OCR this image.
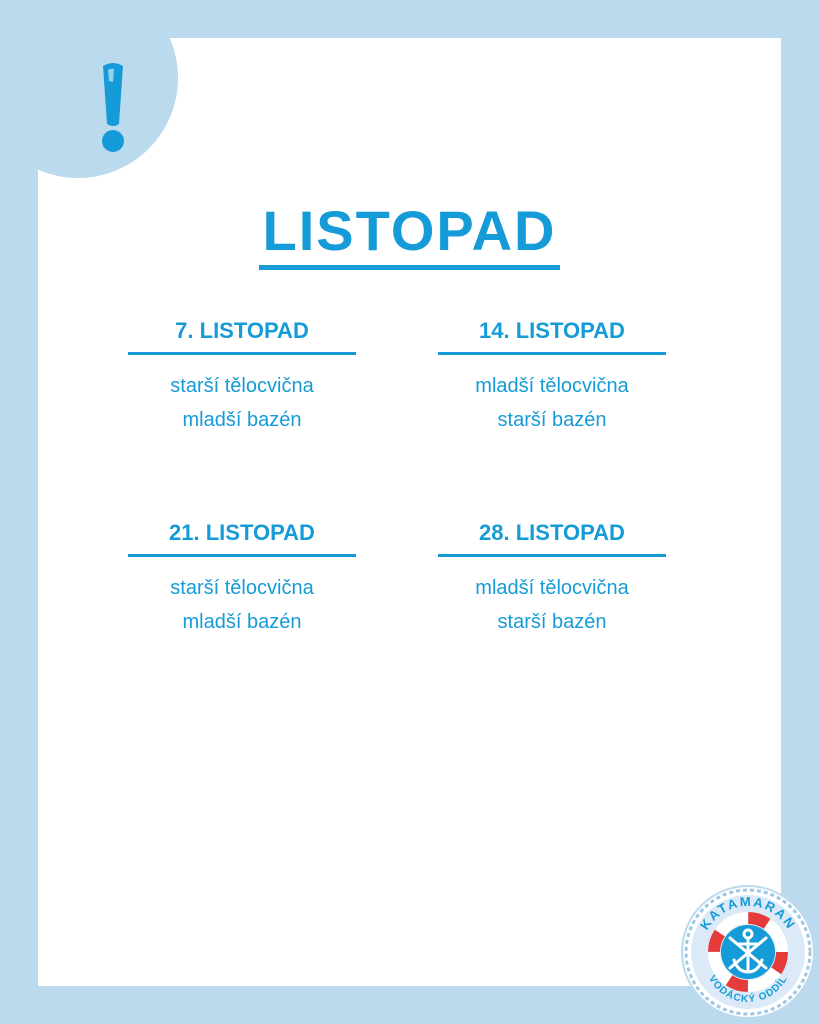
LISTOPAD
7. LISTOPAD
starší tělocvična
mladší bazén
14. LISTOPAD
mladší tělocvična
starší bazén
21. LISTOPAD
starší tělocvična
mladší bazén
28. LISTOPAD
mladší tělocvična
starší bazén
KATAMARAN
VODÁCKÝ ODDÍL
